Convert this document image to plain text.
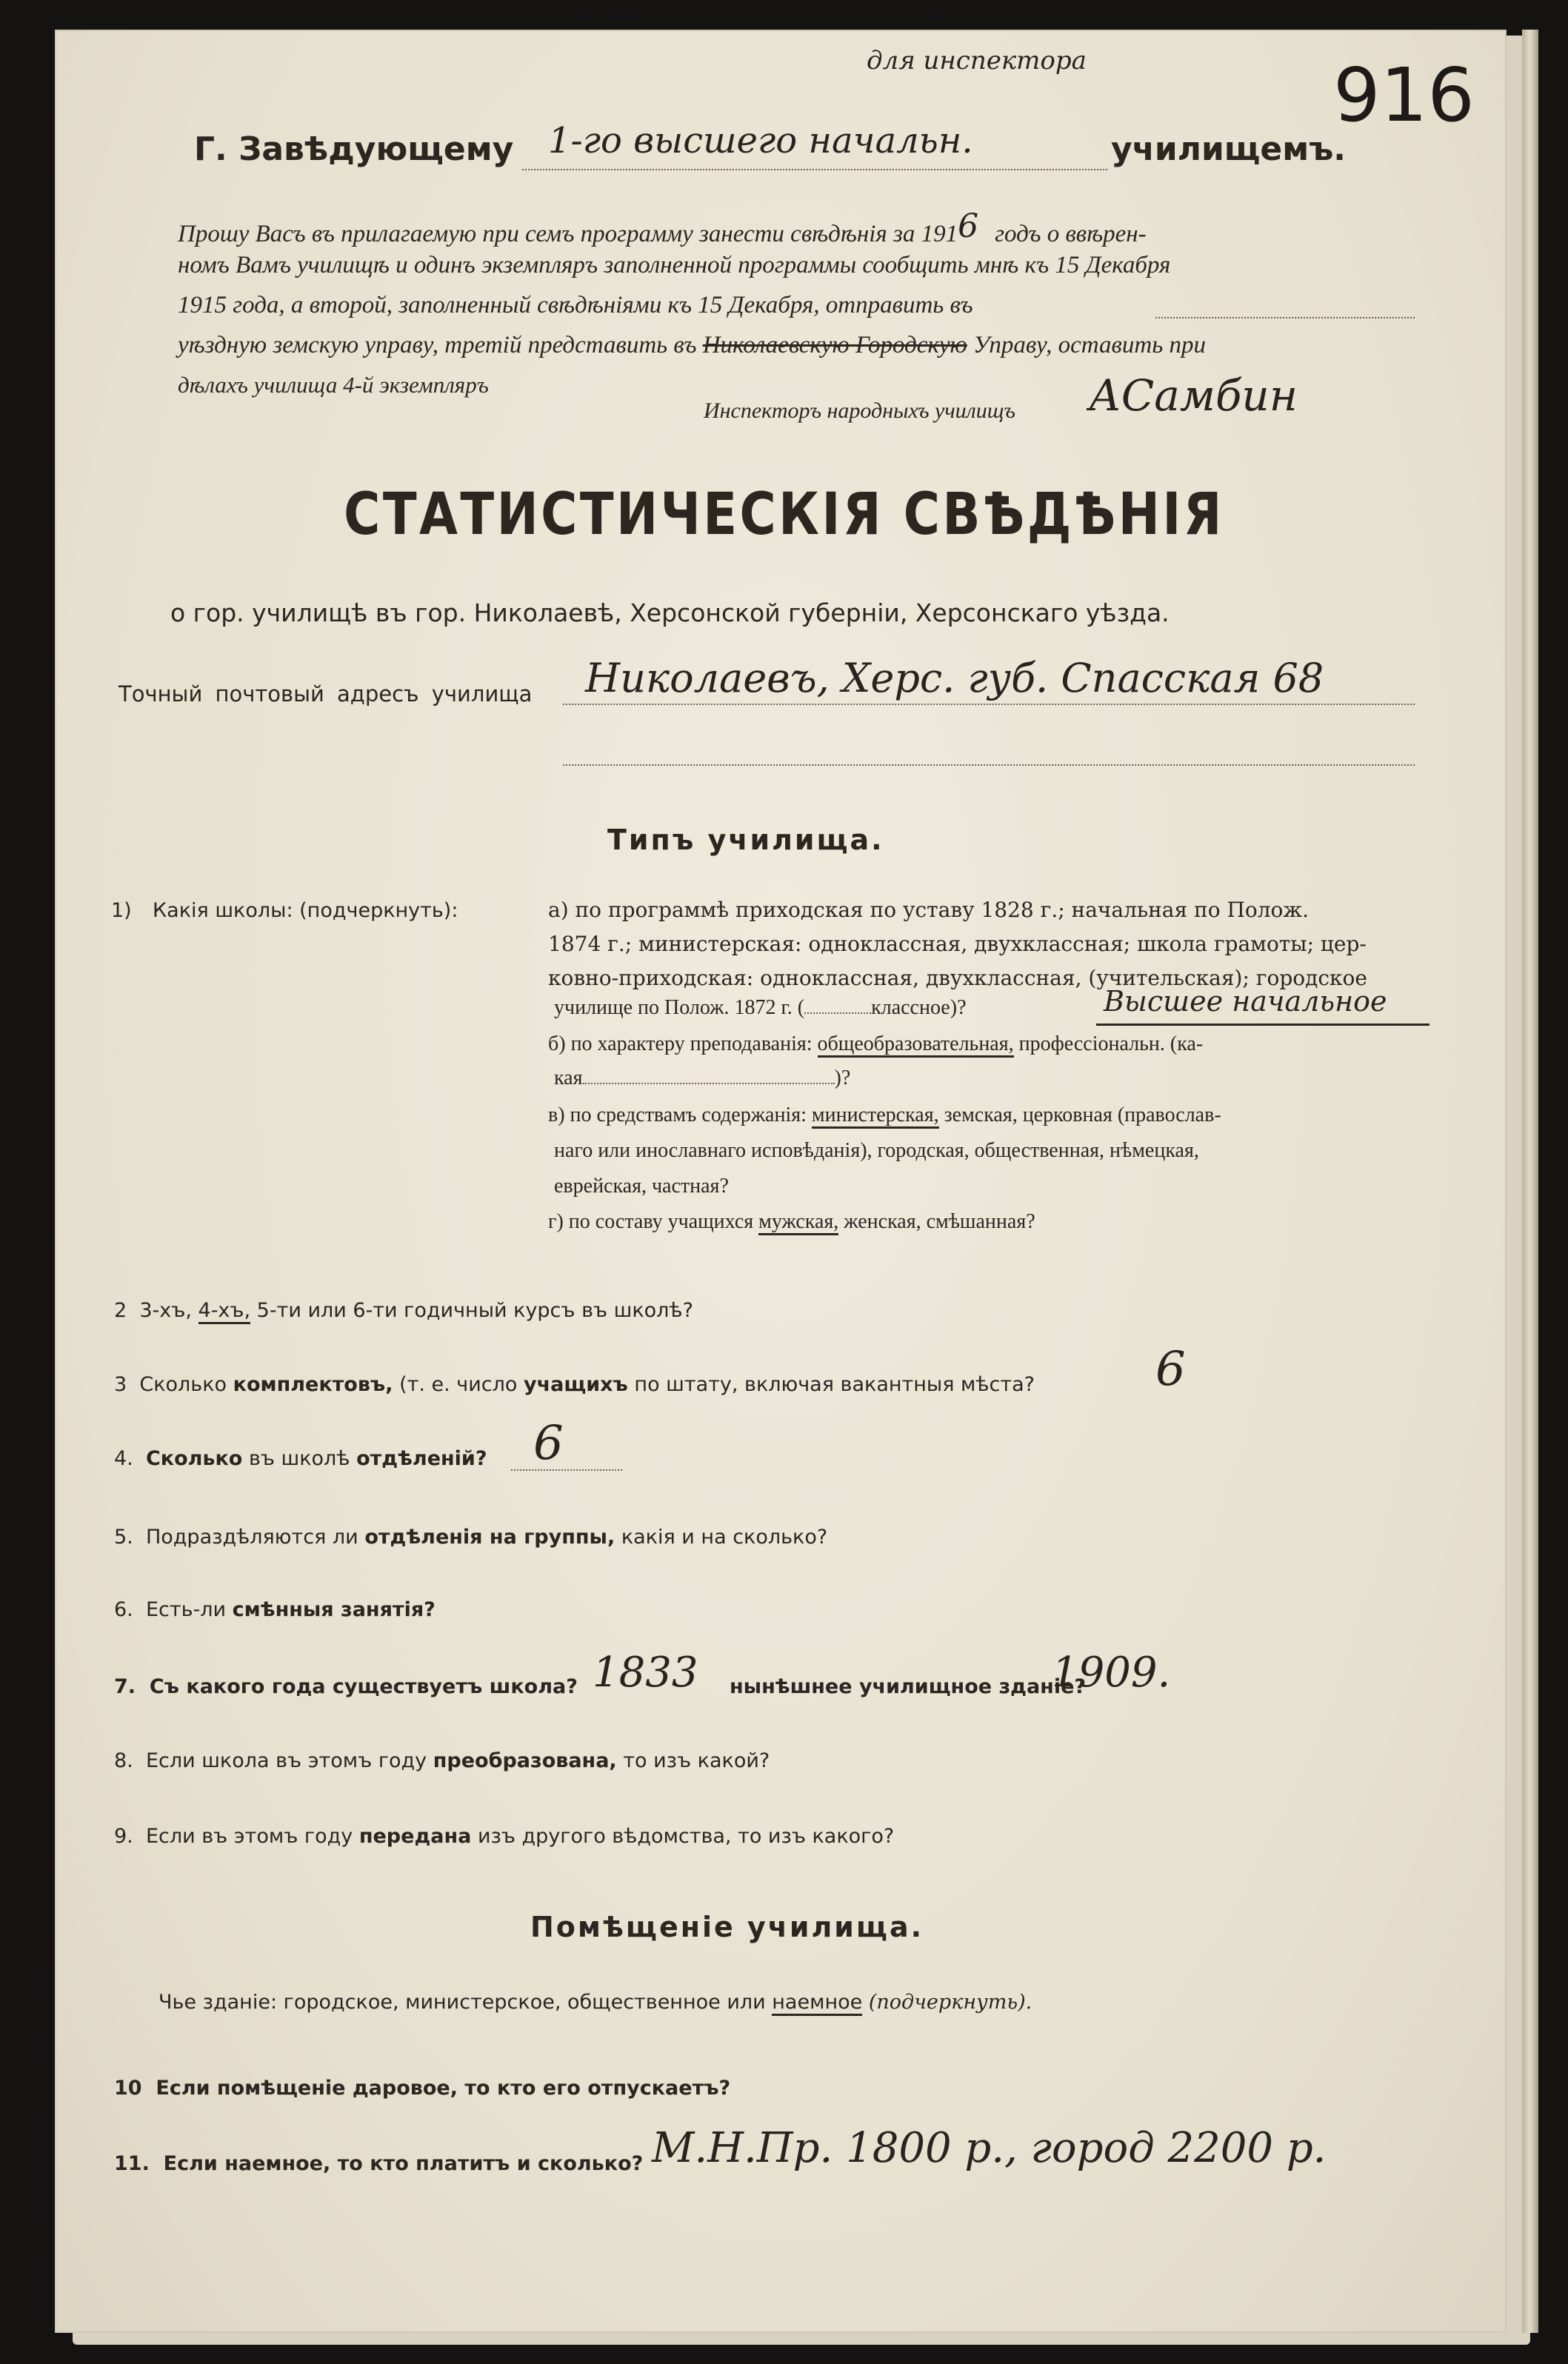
для инспектора	916
Г. Завѣдующему 1-го высшего начальн.	училищемъ.
Прошу Васъ въ прилагаемую при семъ программу занести свѣдѣнія за 1916 годъ о ввѣрен-
номъ Вамъ училищѣ и одинъ экземпляръ заполненной программы сообщить мнѣ къ 15 Декабря
1915 года, а второй, заполненный свѣдѣніями къ 15 Декабря, отправить въ
уѣздную земскую управу, третій представить въ Николаевскую Городскую Управу, оставить при
дѣлахъ училища 4-й экземпляръ
Инспекторъ народныхъ училищъ АСамбин
СТАТИСТИЧЕСКІЯ СВѢДѢНІЯ
о гор. училищѣ въ гор. Николаевѣ, Херсонской губерніи, Херсонскаго уѣзда.
Точный почтовый адресъ училища Николаевъ, Херс. губ. Спасская 68
Типъ училища.
1) Какія школы: (подчеркнуть):	а) по программѣ приходская по уставу 1828 г.; начальная по Полож.
1874 г.; министерская: одноклассная, двухклассная; школа грамоты; цер-
ковно-приходская: одноклассная, двухклассная, (учительская); городское
училище по Полож. 1872 г. (	классное)?	Высшее начальное
б) по характеру преподаванія: общеобразовательная, профессіональн. (ка-
кая	)?
в) по средствамъ содержанія: министерская, земская, церковная (православ-
наго или инославнаго исповѣданія), городская, общественная, нѣмецкая,
еврейская, частная?
г) по составу учащихся мужская, женская, смѣшанная?
2 3-хъ, 4-хъ, 5-ти или 6-ти годичный курсъ въ школѣ?
3 Сколько комплектовъ, (т. е. число учащихъ по штату, включая вакантныя мѣста?	6
4. Сколько въ школѣ отдѣленій? 6
5. Подраздѣляются ли отдѣленія на группы, какія и на сколько?
6. Есть-ли смѣнныя занятія?
7. Съ какого года существуетъ школа? 1833 нынѣшнее училищное зданіе?
1909.
8. Если школа въ этомъ году преобразована, то изъ какой?
9. Если въ этомъ году передана изъ другого вѣдомства, то изъ какого?
Помѣщеніе училища.
Чье зданіе: городское, министерское, общественное или наемное (подчеркнуть).
10 Если помѣщеніе даровое, то кто его отпускаетъ?
11. Если наемное, то кто платитъ и сколько? М.Н.Пр. 1800 р., город 2200 р.
